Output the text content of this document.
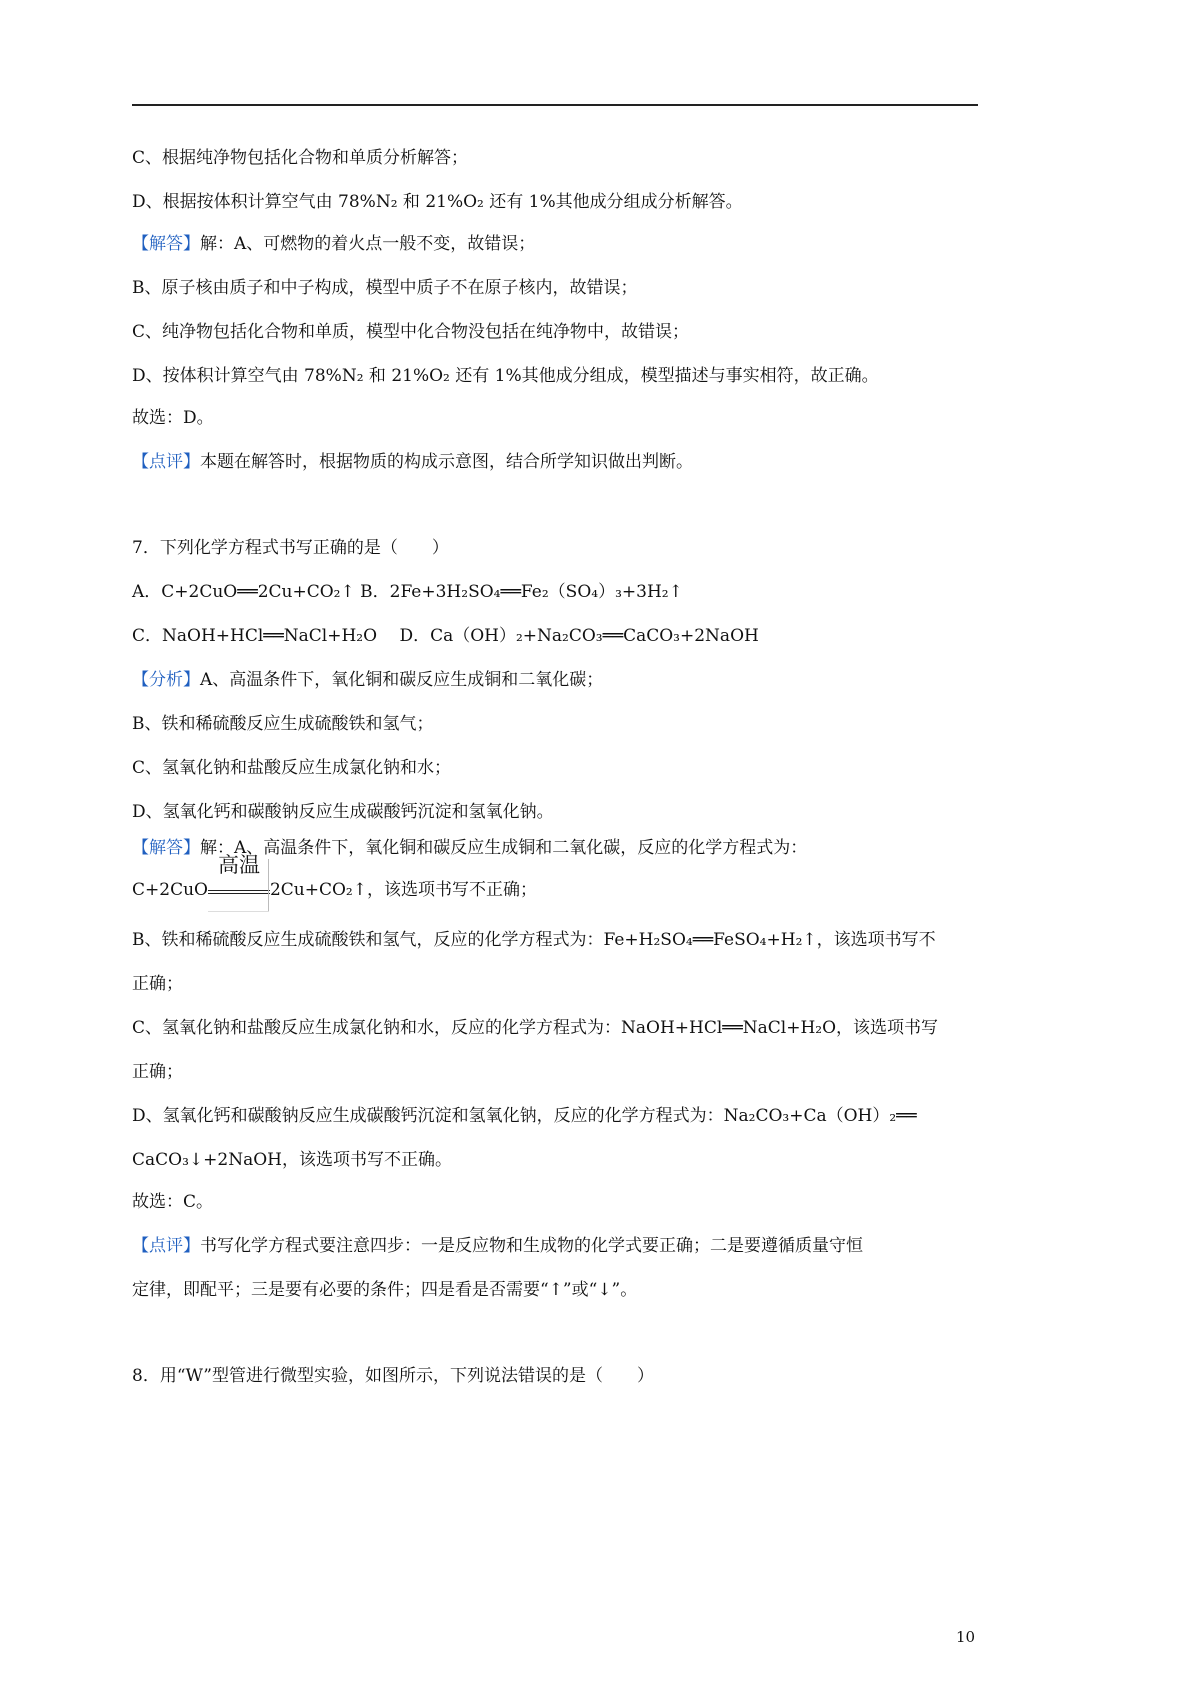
C、根据纯净物包括化合物和单质分析解答；
D、根据按体积计算空气由 78%N₂ 和 21%O₂ 还有 1%其他成分组成分析解答。
【解答】解：A、可燃物的着火点一般不变，故错误；
B、原子核由质子和中子构成，模型中质子不在原子核内，故错误；
C、纯净物包括化合物和单质，模型中化合物没包括在纯净物中，故错误；
D、按体积计算空气由 78%N₂ 和 21%O₂ 还有 1%其他成分组成，模型描述与事实相符，故正确。
故选：D。
【点评】本题在解答时，根据物质的构成示意图，结合所学知识做出判断。
7．下列化学方程式书写正确的是（　　）
A．C+2CuO══2Cu+CO₂↑ B．2Fe+3H₂SO₄══Fe₂（SO₄）₃+3H₂↑
C．NaOH+HCl══NaCl+H₂O　 D．Ca（OH）₂+Na₂CO₃══CaCO₃+2NaOH
【分析】A、高温条件下，氧化铜和碳反应生成铜和二氧化碳；
B、铁和稀硫酸反应生成硫酸铁和氢气；
C、氢氧化钠和盐酸反应生成氯化钠和水；
D、氢氧化钙和碳酸钠反应生成碳酸钙沉淀和氢氧化钠。
【解答】解：A、高温条件下，氧化铜和碳反应生成铜和二氧化碳，反应的化学方程式为：
C+2CuO
高温
2Cu+CO₂↑，该选项书写不正确；
B、铁和稀硫酸反应生成硫酸铁和氢气，反应的化学方程式为：Fe+H₂SO₄══FeSO₄+H₂↑，该选项书写不
正确；
C、氢氧化钠和盐酸反应生成氯化钠和水，反应的化学方程式为：NaOH+HCl══NaCl+H₂O，该选项书写
正确；
D、氢氧化钙和碳酸钠反应生成碳酸钙沉淀和氢氧化钠，反应的化学方程式为：Na₂CO₃+Ca（OH）₂══
CaCO₃↓+2NaOH，该选项书写不正确。
故选：C。
【点评】书写化学方程式要注意四步：一是反应物和生成物的化学式要正确；二是要遵循质量守恒
定律，即配平；三是要有必要的条件；四是看是否需要“↑”或“↓”。
8．用“W”型管进行微型实验，如图所示，下列说法错误的是（　　）
10
